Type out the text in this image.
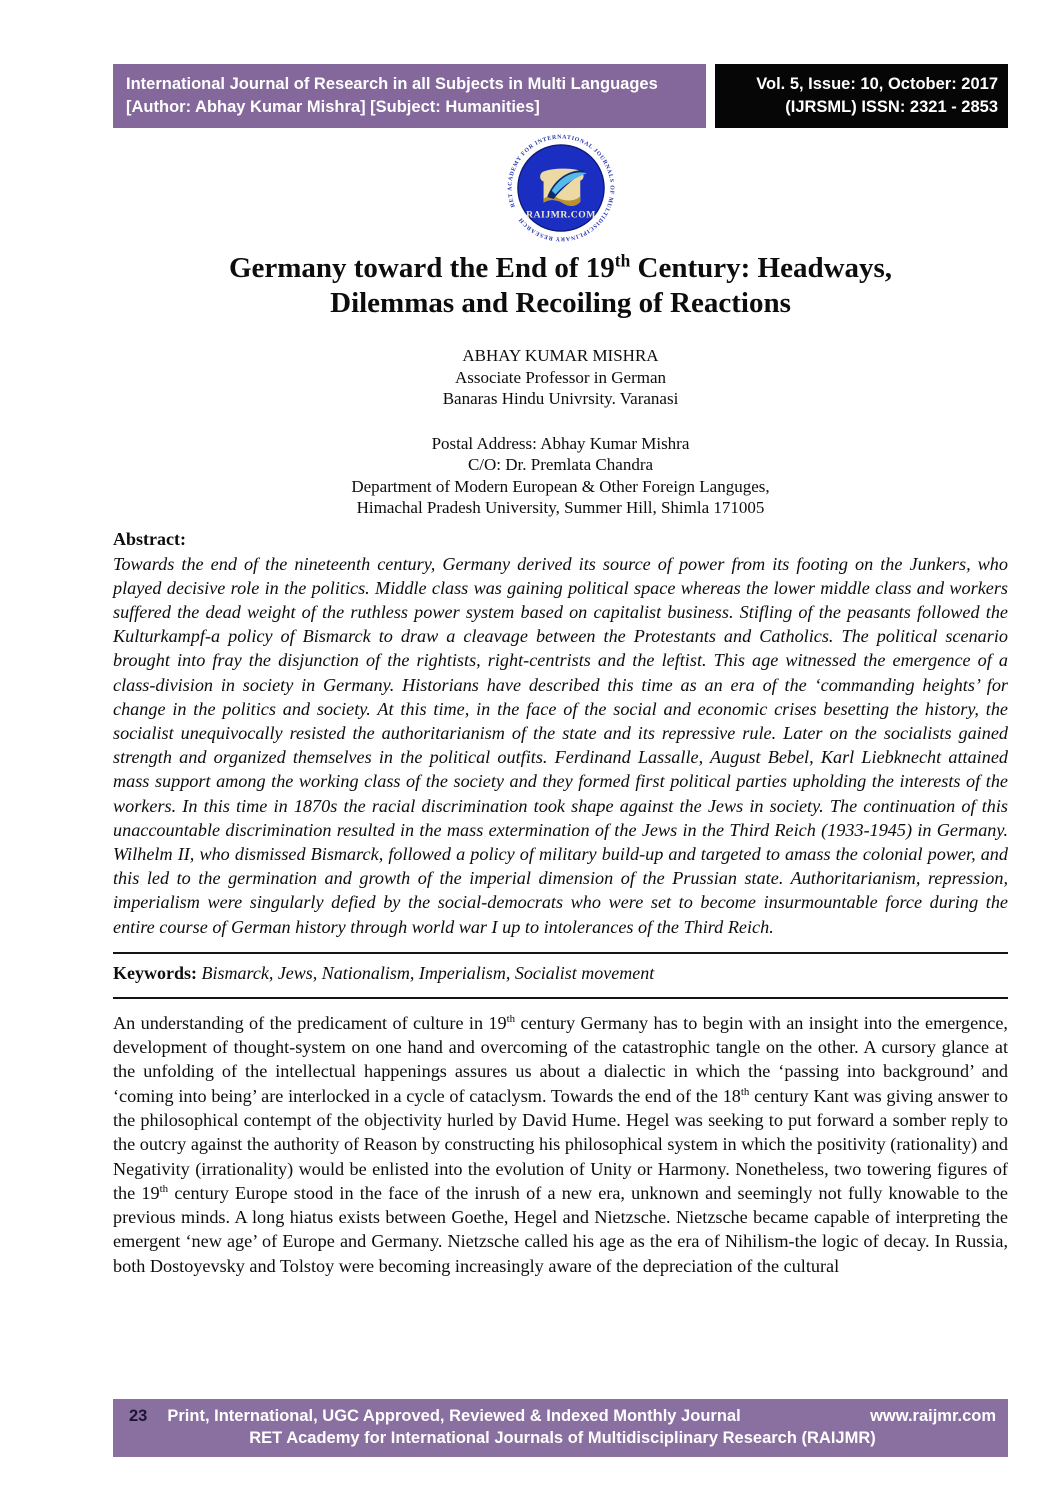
International Journal of Research in all Subjects in Multi Languages
[Author: Abhay Kumar Mishra] [Subject: Humanities]
Vol. 5, Issue: 10, October: 2017
(IJRSML) ISSN: 2321 - 2853
RAIJMR.COM
RET ACADEMY FOR INTERNATIONAL JOURNALS OF MULTIDISCIPLINARY RESEARCH
Germany toward the End of 19th Century: Headways,
Dilemmas and Recoiling of Reactions
ABHAY KUMAR MISHRA
Associate Professor in German
Banaras Hindu Univrsity. Varanasi
Postal Address: Abhay Kumar Mishra
C/O: Dr. Premlata Chandra
Department of Modern European & Other Foreign Languges,
Himachal Pradesh University, Summer Hill, Shimla 171005
Abstract:

Towards the end of the nineteenth century, Germany derived its source of power from its footing on the Junkers, who played decisive role in the politics. Middle class was gaining political space whereas the lower middle class and workers suffered the dead weight of the ruthless power system based on capitalist business. Stifling of the peasants followed the Kulturkampf-a policy of Bismarck to draw a cleavage between the Protestants and Catholics. The political scenario brought into fray the disjunction of the rightists, right-centrists and the leftist. This age witnessed the emergence of a class-division in society in Germany. Historians have described this time as an era of the ‘commanding heights’ for change in the politics and society. At this time, in the face of the social and economic crises besetting the history, the socialist unequivocally resisted the authoritarianism of the state and its repressive rule. Later on the socialists gained strength and organized themselves in the political outfits. Ferdinand Lassalle, August Bebel, Karl Liebknecht attained mass support among the working class of the society and they formed first political parties upholding the interests of the workers. In this time in 1870s the racial discrimination took shape against the Jews in society. The continuation of this unaccountable discrimination resulted in the mass extermination of the Jews in the Third Reich (1933-1945) in Germany. Wilhelm II, who dismissed Bismarck, followed a policy of military build-up and targeted to amass the colonial power, and this led to the germination and growth of the imperial dimension of the Prussian state. Authoritarianism, repression, imperialism were singularly defied by the social-democrats who were set to become insurmountable force during the entire course of German history through world war I up to intolerances of the Third Reich.

Keywords: Bismarck, Jews, Nationalism, Imperialism, Socialist movement

An understanding of the predicament of culture in 19th century Germany has to begin with an insight into the emergence, development of thought-system on one hand and overcoming of the catastrophic tangle on the other. A cursory glance at the unfolding of the intellectual happenings assures us about a dialectic in which the ‘passing into background’ and ‘coming into being’ are interlocked in a cycle of cataclysm. Towards the end of the 18th century Kant was giving answer to the philosophical contempt of the objectivity hurled by David Hume. Hegel was seeking to put forward a somber reply to the outcry against the authority of Reason by constructing his philosophical system in which the positivity (rationality) and Negativity (irrationality) would be enlisted into the evolution of Unity or Harmony. Nonetheless, two towering figures of the 19th century Europe stood in the face of the inrush of a new era, unknown and seemingly not fully knowable to the previous minds. A long hiatus exists between Goethe, Hegel and Nietzsche. Nietzsche became capable of interpreting the emergent ‘new age’ of Europe and Germany. Nietzsche called his age as the era of Nihilism-the logic of decay. In Russia, both Dostoyevsky and Tolstoy were becoming increasingly aware of the depreciation of the cultural

23 Print, International, UGC Approved, Reviewed & Indexed Monthly Journal	www.raijmr.com
RET Academy for International Journals of Multidisciplinary Research (RAIJMR)
